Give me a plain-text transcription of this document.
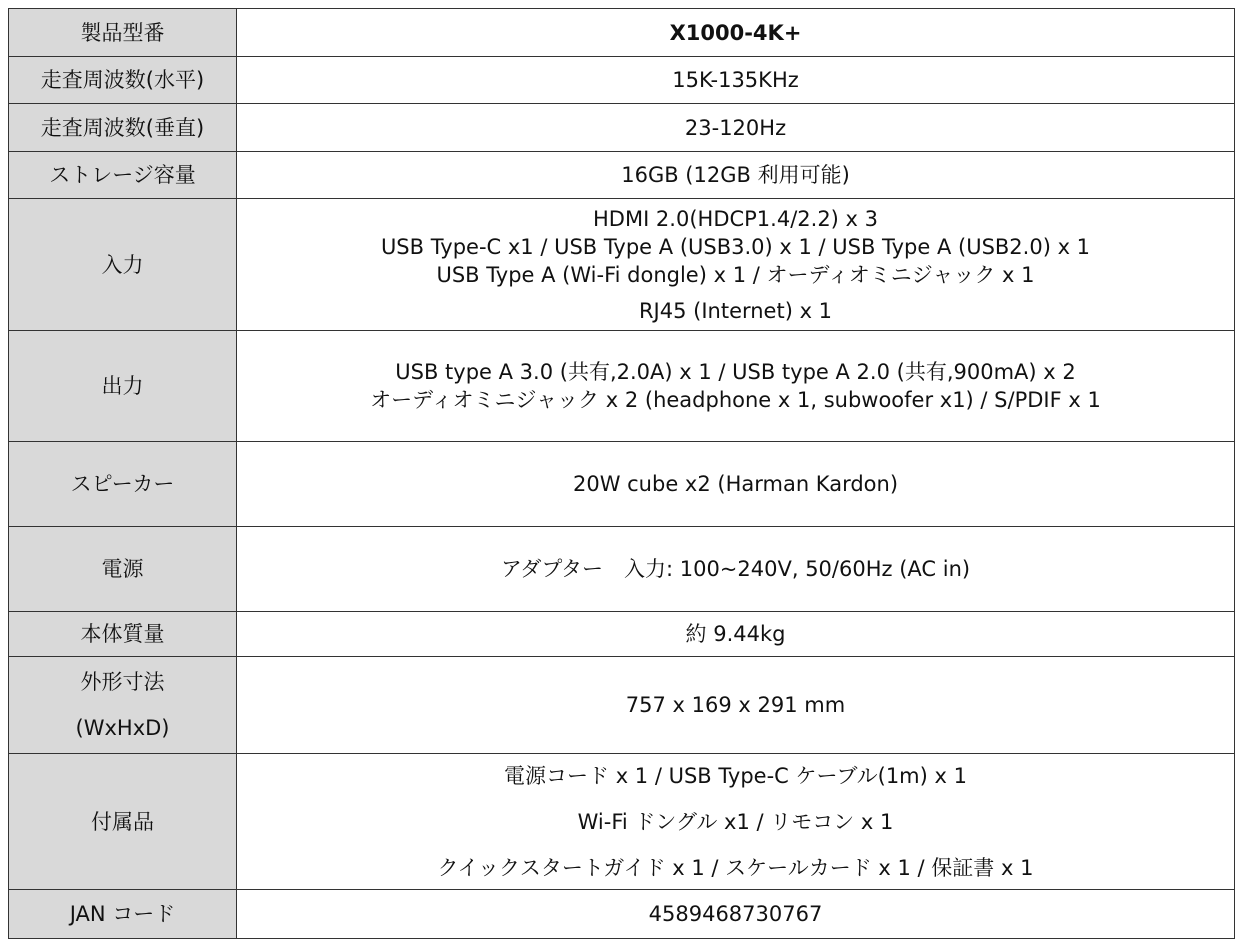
製品型番	X1000-4K+
走査周波数(水平)	15K-135KHz
走査周波数(垂直)	23-120Hz
ストレージ容量	16GB (12GB 利用可能)
入力	HDMI 2.0(HDCP1.4/2.2) x 3
USB Type-C x1 / USB Type A (USB3.0) x 1 / USB Type A (USB2.0) x 1
USB Type A (Wi-Fi dongle) x 1 / オーディオミニジャック x 1
RJ45 (Internet) x 1

出力	USB type A 3.0 (共有,2.0A) x 1 / USB type A 2.0 (共有,900mA) x 2
オーディオミニジャック x 2 (headphone x 1, subwoofer x1) / S/PDIF x 1

スピーカー	20W cube x2 (Harman Kardon)
電源	アダプター　入力: 100~240V, 50/60Hz (AC in)
本体質量	約 9.44kg

外形寸法
(WxHxD)	757 x 169 x 291 mm
付属品	電源コード x 1 / USB Type-C ケーブル(1m) x 1
Wi-Fi ドングル x1 / リモコン x 1
クイックスタートガイド x 1 / スケールカード x 1 / 保証書 x 1

JAN コード	4589468730767
